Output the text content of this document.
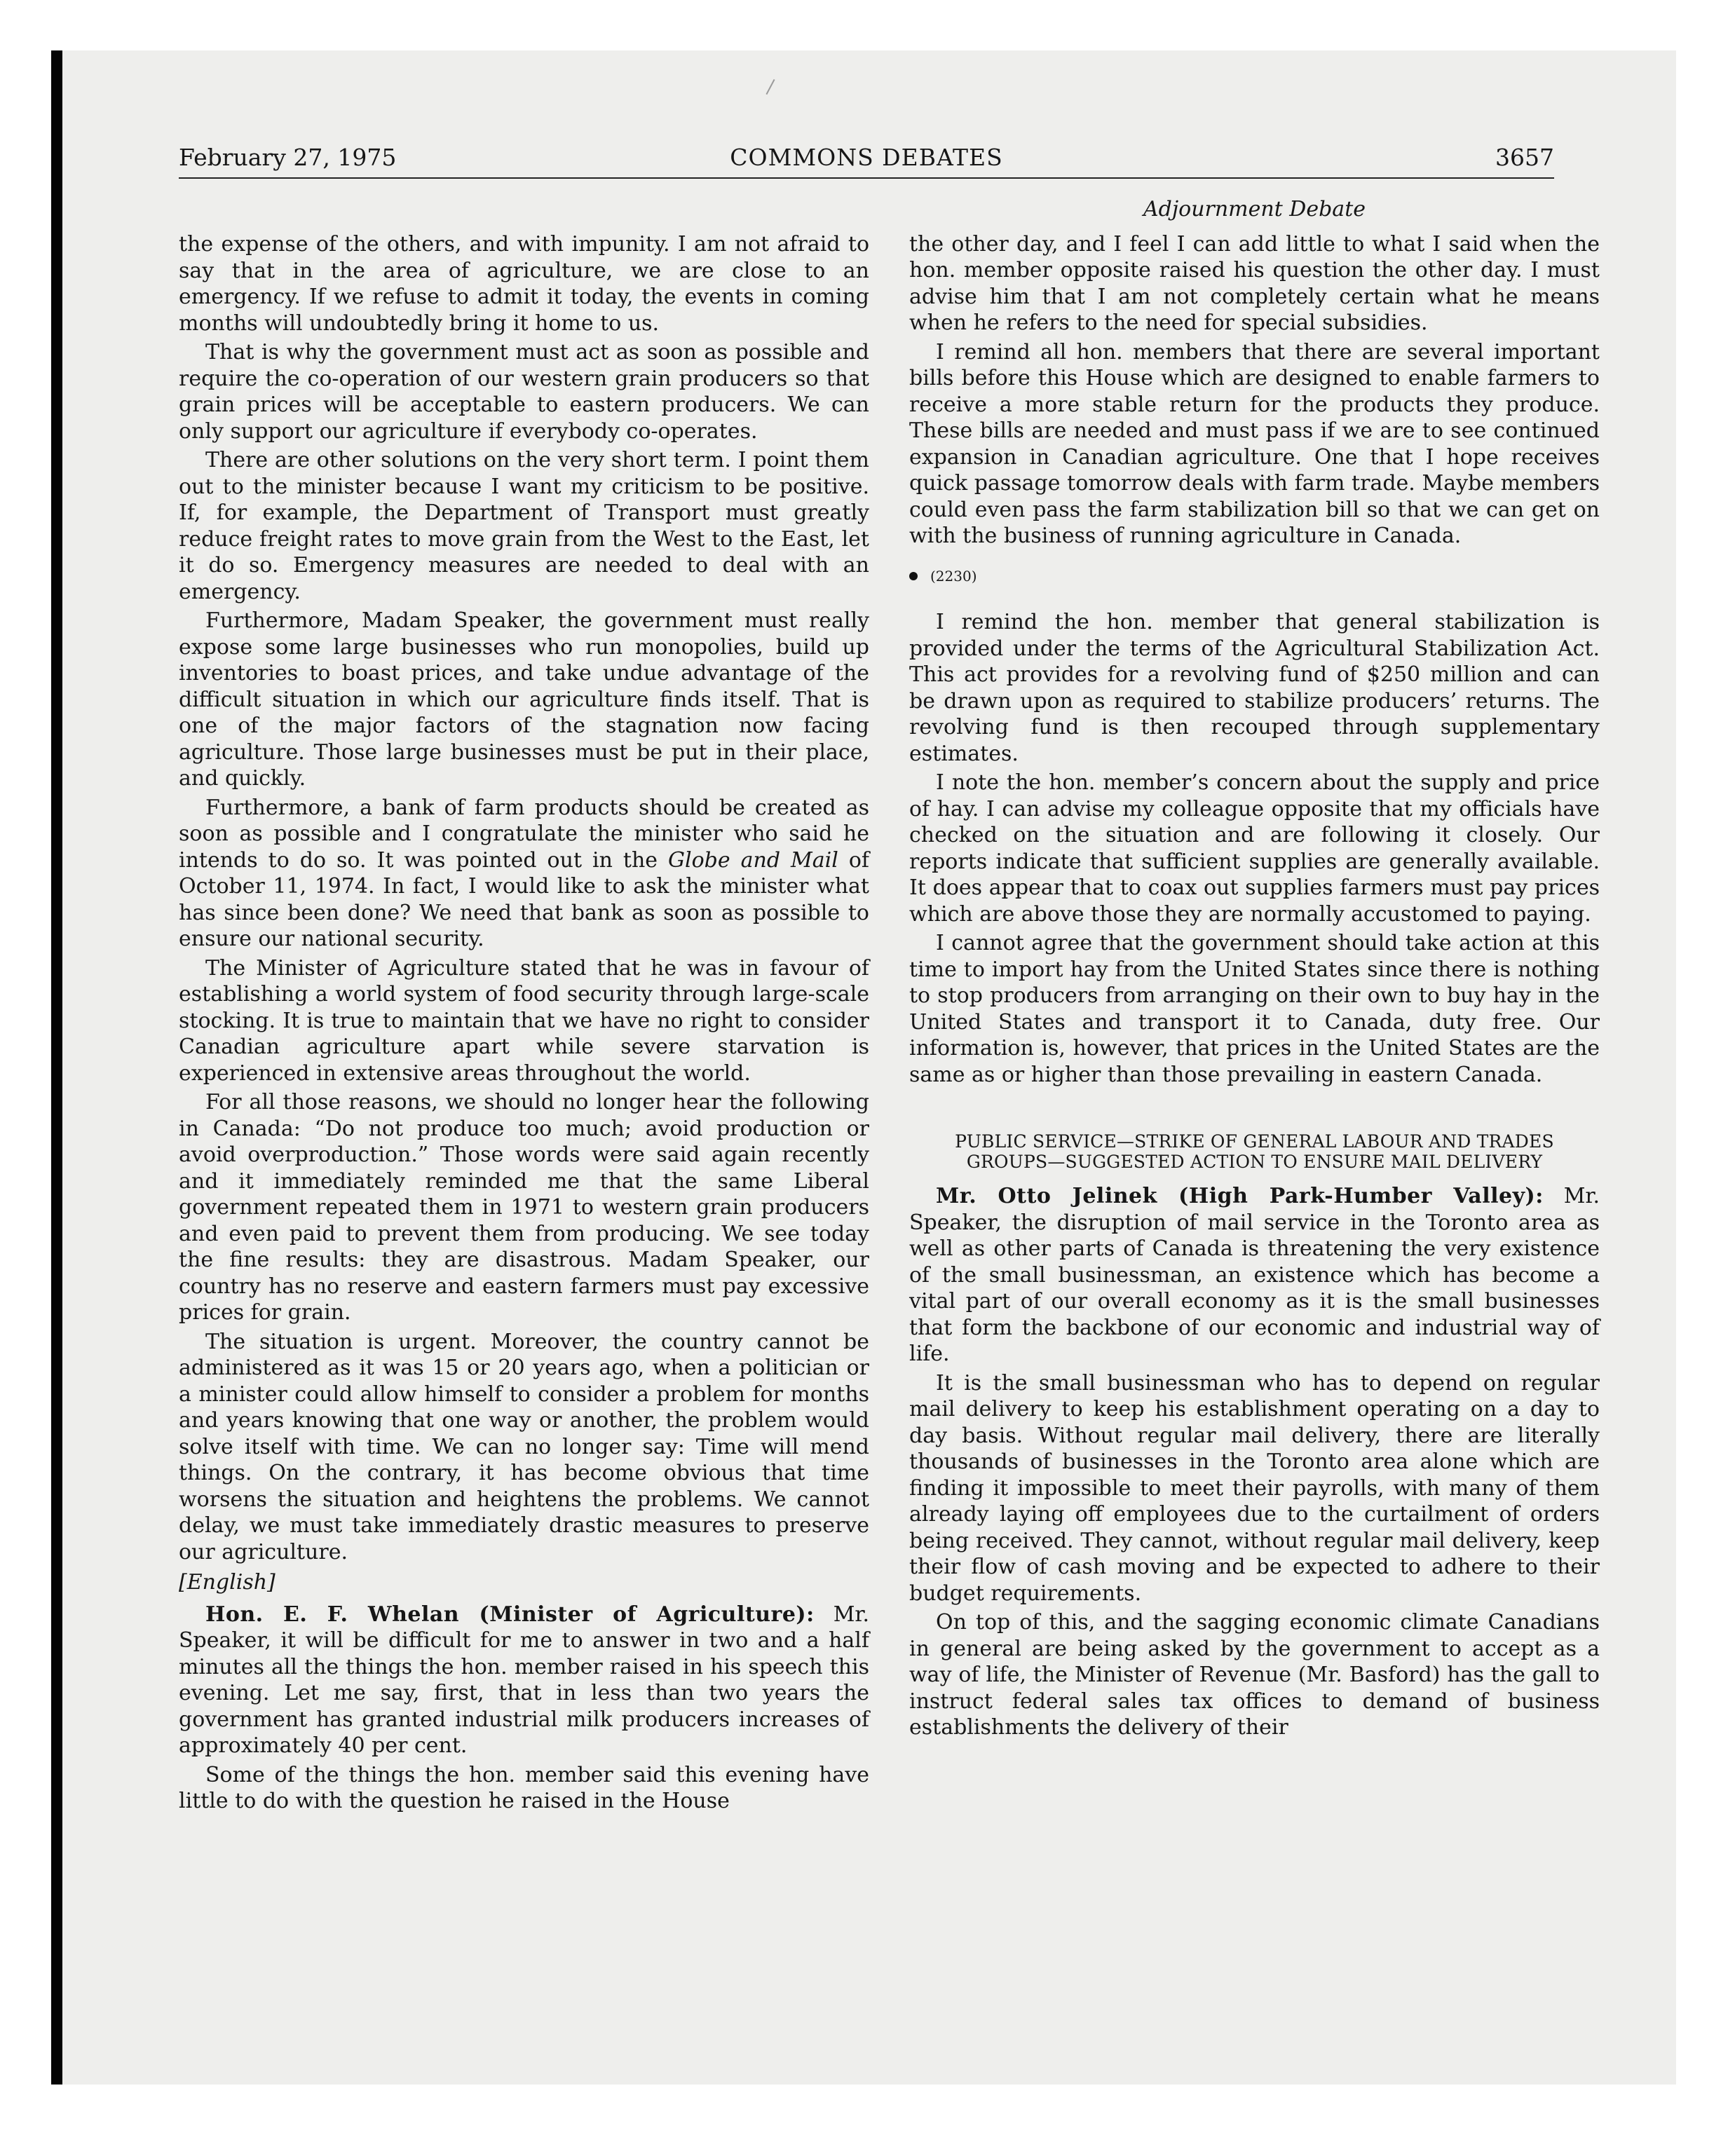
February 27, 1975	COMMONS DEBATES	3657

the expense of the others, and with impunity. I am not afraid to say that in the area of agriculture, we are close to an emergency. If we refuse to admit it today, the events in coming months will undoubtedly bring it home to us.

That is why the government must act as soon as possible and require the co-operation of our western grain producers so that grain prices will be acceptable to eastern producers. We can only support our agriculture if everybody co-operates.

There are other solutions on the very short term. I point them out to the minister because I want my criticism to be positive. If, for example, the Department of Transport must greatly reduce freight rates to move grain from the West to the East, let it do so. Emergency measures are needed to deal with an emergency.

Furthermore, Madam Speaker, the government must really expose some large businesses who run monopolies, build up inventories to boast prices, and take undue advantage of the difficult situation in which our agriculture finds itself. That is one of the major factors of the stagnation now facing agriculture. Those large businesses must be put in their place, and quickly.

Furthermore, a bank of farm products should be created as soon as possible and I congratulate the minister who said he intends to do so. It was pointed out in the Globe and Mail of October 11, 1974. In fact, I would like to ask the minister what has since been done? We need that bank as soon as possible to ensure our national security.

The Minister of Agriculture stated that he was in favour of establishing a world system of food security through large-scale stocking. It is true to maintain that we have no right to consider Canadian agriculture apart while severe starvation is experienced in extensive areas throughout the world.

For all those reasons, we should no longer hear the following in Canada: “Do not produce too much; avoid production or avoid overproduction.” Those words were said again recently and it immediately reminded me that the same Liberal government repeated them in 1971 to western grain producers and even paid to prevent them from producing. We see today the fine results: they are disastrous. Madam Speaker, our country has no reserve and eastern farmers must pay excessive prices for grain.

The situation is urgent. Moreover, the country cannot be administered as it was 15 or 20 years ago, when a politician or a minister could allow himself to consider a problem for months and years knowing that one way or another, the problem would solve itself with time. We can no longer say: Time will mend things. On the contrary, it has become obvious that time worsens the situation and heightens the problems. We cannot delay, we must take immediately drastic measures to preserve our agriculture.

[English]

Hon. E. F. Whelan (Minister of Agriculture): Mr. Speaker, it will be difficult for me to answer in two and a half minutes all the things the hon. member raised in his speech this evening. Let me say, first, that in less than two years the government has granted industrial milk producers increases of approximately 40 per cent.

Some of the things the hon. member said this evening have little to do with the question he raised in the House

Adjournment Debate

the other day, and I feel I can add little to what I said when the hon. member opposite raised his question the other day. I must advise him that I am not completely certain what he means when he refers to the need for special subsidies.

I remind all hon. members that there are several important bills before this House which are designed to enable farmers to receive a more stable return for the products they produce. These bills are needed and must pass if we are to see continued expansion in Canadian agriculture. One that I hope receives quick passage tomorrow deals with farm trade. Maybe members could even pass the farm stabilization bill so that we can get on with the business of running agriculture in Canada.

(2230)

I remind the hon. member that general stabilization is provided under the terms of the Agricultural Stabilization Act. This act provides for a revolving fund of $250 million and can be drawn upon as required to stabilize producers’ returns. The revolving fund is then recouped through supplementary estimates.

I note the hon. member’s concern about the supply and price of hay. I can advise my colleague opposite that my officials have checked on the situation and are following it closely. Our reports indicate that sufficient supplies are generally available. It does appear that to coax out supplies farmers must pay prices which are above those they are normally accustomed to paying.

I cannot agree that the government should take action at this time to import hay from the United States since there is nothing to stop producers from arranging on their own to buy hay in the United States and transport it to Canada, duty free. Our information is, however, that prices in the United States are the same as or higher than those prevailing in eastern Canada.

PUBLIC SERVICE—STRIKE OF GENERAL LABOUR AND TRADES
GROUPS—SUGGESTED ACTION TO ENSURE MAIL DELIVERY

Mr. Otto Jelinek (High Park-Humber Valley): Mr. Speaker, the disruption of mail service in the Toronto area as well as other parts of Canada is threatening the very existence of the small businessman, an existence which has become a vital part of our overall economy as it is the small businesses that form the backbone of our economic and industrial way of life.

It is the small businessman who has to depend on regular mail delivery to keep his establishment operating on a day to day basis. Without regular mail delivery, there are literally thousands of businesses in the Toronto area alone which are finding it impossible to meet their payrolls, with many of them already laying off employees due to the curtailment of orders being received. They cannot, without regular mail delivery, keep their flow of cash moving and be expected to adhere to their budget requirements.

On top of this, and the sagging economic climate Canadians in general are being asked by the government to accept as a way of life, the Minister of Revenue (Mr. Basford) has the gall to instruct federal sales tax offices to demand of business establishments the delivery of their
